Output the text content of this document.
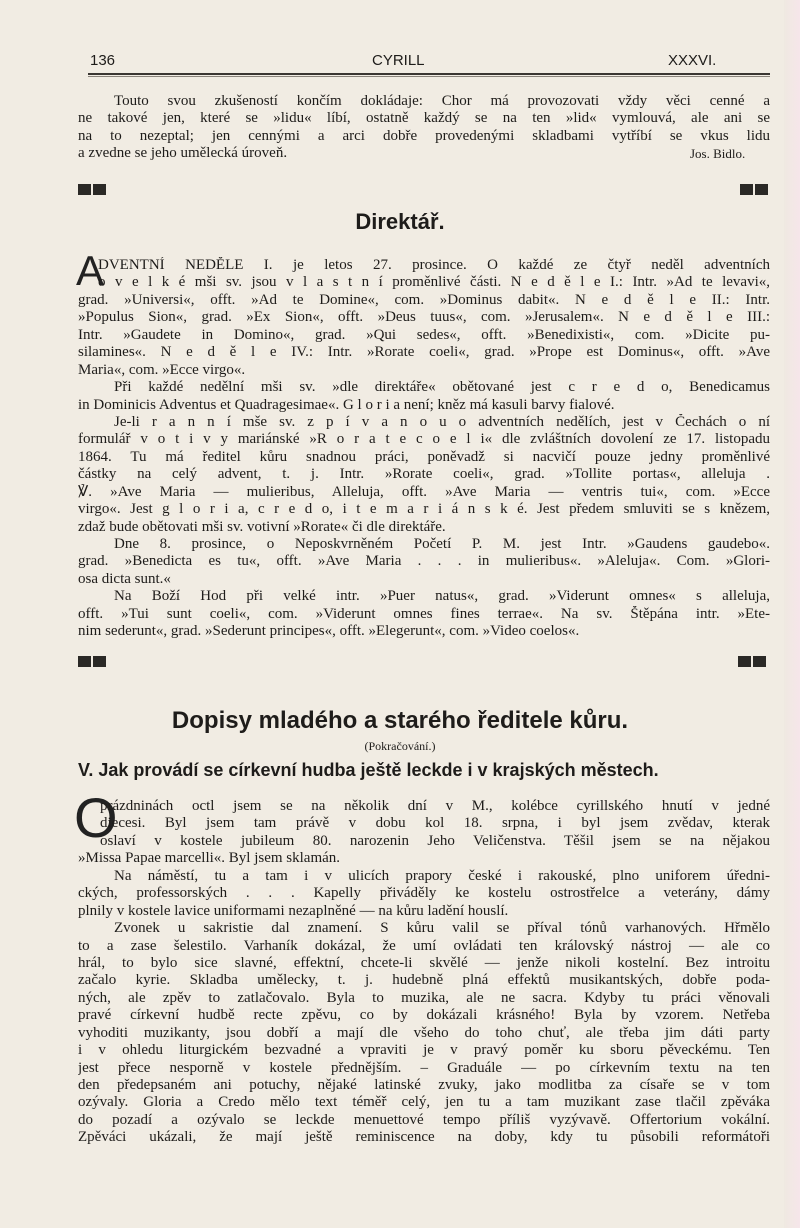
136	CYRILL	XXXVI.
Touto svou zkušeností končím dokládaje: Chor má provozovati vždy věci cenné a
ne takové jen, které se »lidu« líbí, ostatně každý se na ten »lid« vymlouvá, ale ani se
na to nezeptal; jen cennými a arci dobře provedenými skladbami vytříbí se vkus lidu
a zvedne se jeho umělecká úroveň.	Jos. Bidlo.
Direktář.
A
DVENTNÍ NEDĚLE I. je letos 27. prosince. O každé ze čtyř neděl adventních
o v e l k é mši sv. jsou v l a s t n í proměnlivé části. N e d ě l e I.: Intr. »Ad te levavi«,
grad. »Universi«, offt. »Ad te Domine«, com. »Dominus dabit«. N e d ě l e II.: Intr.
»Populus Sion«, grad. »Ex Sion«, offt. »Deus tuus«, com. »Jerusalem«. N e d ě l e III.:
Intr. »Gaudete in Domino«, grad. »Qui sedes«, offt. »Benedixisti«, com. »Dicite pu-
silamines«. N e d ě l e IV.: Intr. »Rorate coeli«, grad. »Prope est Dominus«, offt. »Ave
Maria«, com. »Ecce virgo«.
Při každé nedělní mši sv. »dle direktáře« obětované jest c r e d o, Benedicamus
in Dominicis Adventus et Quadragesimae«. G l o r i a není; kněz má kasuli barvy fialové.
Je-li r a n n í mše sv. z p í v a n o u o adventních nedělích, jest v Čechách o ní
formulář v o t i v y mariánské »R o r a t e c o e l i« dle zvláštních dovolení ze 17. listopadu
1864. Tu má ředitel kůru snadnou práci, poněvadž si nacvičí pouze jedny proměnlivé
částky na celý advent, t. j. Intr. »Rorate coeli«, grad. »Tollite portas«, alleluja .
℣. »Ave Maria — mulieribus, Alleluja, offt. »Ave Maria — ventris tui«, com. »Ecce
virgo«. Jest g l o r i a, c r e d o, i t e m a r i á n s k é. Jest předem smluviti se s knězem,
zdaž bude obětovati mši sv. votivní »Rorate« či dle direktáře.
Dne 8. prosince, o Neposkvrněném Početí P. M. jest Intr. »Gaudens gaudebo«.
grad. »Benedicta es tu«, offt. »Ave Maria . . . in mulieribus«. »Aleluja«. Com. »Glori-
osa dicta sunt.«
Na Boží Hod při velké intr. »Puer natus«, grad. »Viderunt omnes« s alleluja,
offt. »Tui sunt coeli«, com. »Viderunt omnes fines terrae«. Na sv. Štěpána intr. »Ete-
nim sederunt«, grad. »Sederunt principes«, offt. »Elegerunt«, com. »Video coelos«.
Dopisy mladého a starého ředitele kůru.
(Pokračování.)
V. Jak provádí se církevní hudba ještě leckde i v krajských městech.
O
prázdninách octl jsem se na několik dní v M., kolébce cyrillského hnutí v jedné
diecesi. Byl jsem tam právě v dobu kol 18. srpna, i byl jsem zvědav, kterak
oslaví v kostele jubileum 80. narozenin Jeho Veličenstva. Těšil jsem se na nějakou
»Missa Papae marcelli«. Byl jsem sklamán.
Na náměstí, tu a tam i v ulicích prapory české i rakouské, plno uniforem úředni-
ckých, professorských . . . Kapelly přiváděly ke kostelu ostrostřelce a veterány, dámy
plnily v kostele lavice uniformami nezaplněné — na kůru ladění houslí.
Zvonek u sakristie dal znamení. S kůru valil se příval tónů varhanových. Hřmělo
to a zase šelestilo. Varhaník dokázal, že umí ovládati ten královský nástroj — ale co
hrál, to bylo sice slavné, effektní, chcete-li skvělé — jenže nikoli kostelní. Bez introitu
začalo kyrie. Skladba umělecky, t. j. hudebně plná effektů musikantských, dobře poda-
ných, ale zpěv to zatlačovalo. Byla to muzika, ale ne sacra. Kdyby tu práci věnovali
pravé církevní hudbě recte zpěvu, co by dokázali krásného! Byla by vzorem. Netřeba
vyhoditi muzikanty, jsou dobří a mají dle všeho do toho chuť, ale třeba jim dáti party
i v ohledu liturgickém bezvadné a vpraviti je v pravý poměr ku sboru pěveckému. Ten
jest přece nesporně v kostele přednějším. – Graduále — po církevním textu na ten
den předepsaném ani potuchy, nějaké latinské zvuky, jako modlitba za císaře se v tom
ozývaly. Gloria a Credo mělo text téměř celý, jen tu a tam muzikant zase tlačil zpěváka
do pozadí a ozývalo se leckde menuettové tempo příliš vyzývavě. Offertorium vokální.
Zpěváci ukázali, že mají ještě reminiscence na doby, kdy tu působili reformátoři
